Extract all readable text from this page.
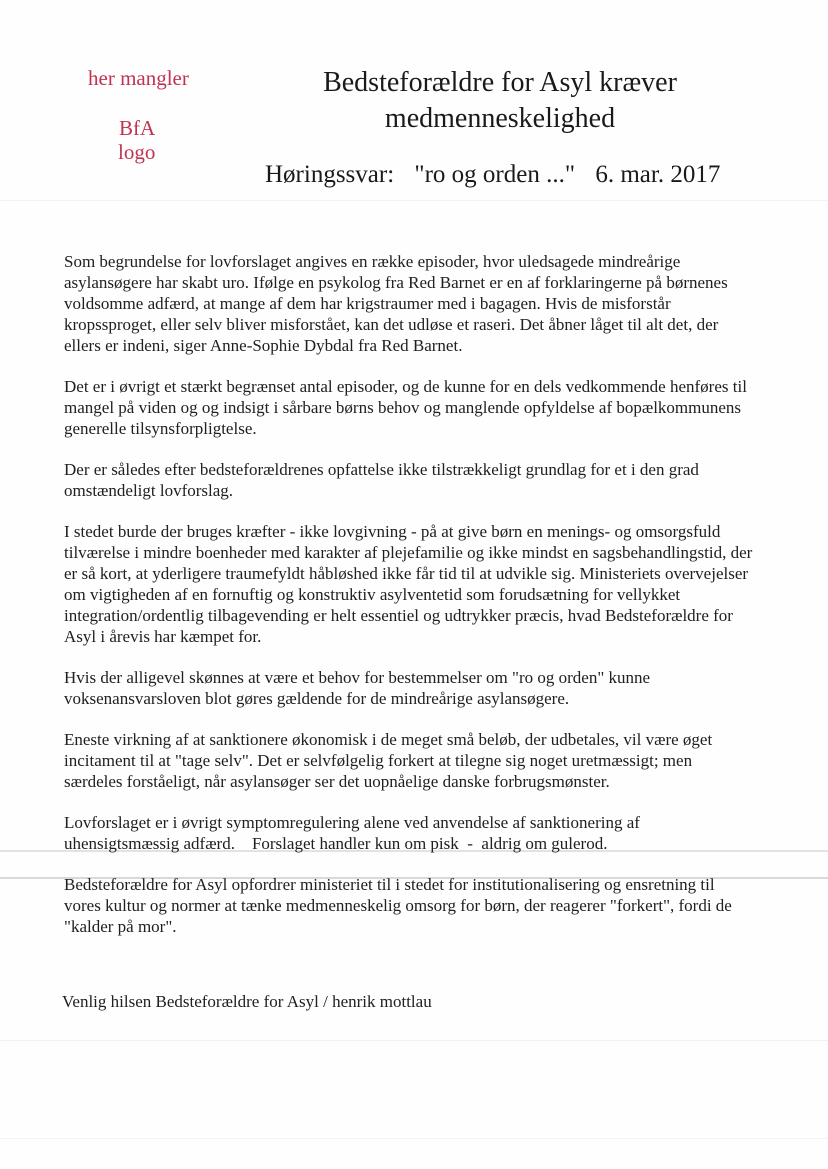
her mangler
BfA
logo
Bedsteforældre for Asyl kræver
medmenneskelighed
Høringssvar: "ro og orden ..." 6. mar. 2017

Som begrundelse for lovforslaget angives en række episoder, hvor uledsagede mindreårige asylansøgere har skabt uro. Ifølge en psykolog fra Red Barnet er en af forklaringerne på børnenes voldsomme adfærd, at mange af dem har krigstraumer med i bagagen. Hvis de misforstår kropssproget, eller selv bliver misforstået, kan det udløse et raseri. Det åbner låget til alt det, der ellers er indeni, siger Anne-Sophie Dybdal fra Red Barnet.

Det er i øvrigt et stærkt begrænset antal episoder, og de kunne for en dels vedkommende henføres til mangel på viden og og indsigt i sårbare børns behov og manglende opfyldelse af bopælkommunens generelle tilsynsforpligtelse.

Der er således efter bedsteforældrenes opfattelse ikke tilstrækkeligt grundlag for et i den grad omstændeligt lovforslag.

I stedet burde der bruges kræfter - ikke lovgivning - på at give børn en menings- og omsorgsfuld tilværelse i mindre boenheder med karakter af plejefamilie og ikke mindst en sagsbehandlingstid, der er så kort, at yderligere traumefyldt håbløshed ikke får tid til at udvikle sig. Ministeriets overvejelser om vigtigheden af en fornuftig og konstruktiv asylventetid som forudsætning for vellykket integration/ordentlig tilbagevending er helt essentiel og udtrykker præcis, hvad Bedsteforældre for Asyl i årevis har kæmpet for.

Hvis der alligevel skønnes at være et behov for bestemmelser om "ro og orden" kunne voksenansvarsloven blot gøres gældende for de mindreårige asylansøgere.

Eneste virkning af at sanktionere økonomisk i de meget små beløb, der udbetales, vil være øget incitament til at "tage selv". Det er selvfølgelig forkert at tilegne sig noget uretmæssigt; men særdeles forståeligt, når asylansøger ser det uopnåelige danske forbrugsmønster.

Lovforslaget er i øvrigt symptomregulering alene ved anvendelse af sanktionering af uhensigtsmæssig adfærd.    Forslaget handler kun om pisk  -  aldrig om gulerod.

Bedsteforældre for Asyl opfordrer ministeriet til i stedet for institutionalisering og ensretning til vores kultur og normer at tænke medmenneskelig omsorg for børn, der reagerer "forkert", fordi de "kalder på mor".

Venlig hilsen Bedsteforældre for Asyl / henrik mottlau
